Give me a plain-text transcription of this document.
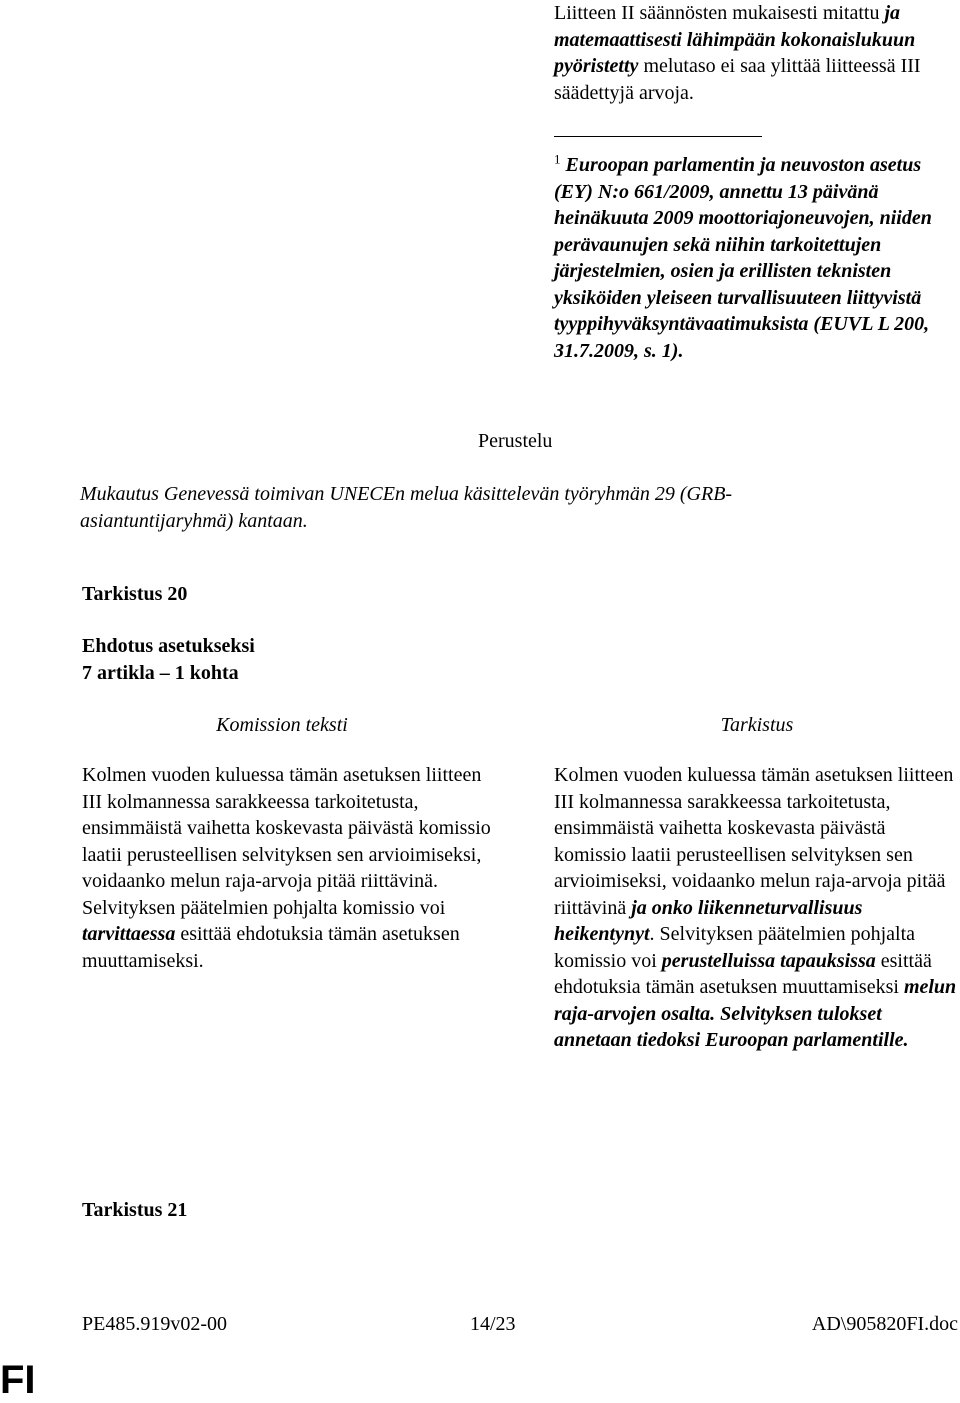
Liitteen II säännösten mukaisesti mitattu ja matemaattisesti lähimpään kokonaislukuun pyöristetty melutaso ei saa ylittää liitteessä III säädettyjä arvoja.
$^1$ Euroopan parlamentin ja neuvoston asetus (EY) N:o 661/2009, annettu 13 päivänä heinäkuuta 2009 moottoriajoneuvojen, niiden perävaunujen sekä niihin tarkoitettujen järjestelmien, osien ja erillisten teknisten yksiköiden yleiseen turvallisuuteen liittyvistä tyyppihyväksyntävaatimuksista (EUVL L 200, 31.7.2009, s. 1).
Perustelu
Mukautus Genevessä toimivan UNECEn melua käsittelevän työryhmän 29 (GRB-asiantuntijaryhmä) kantaan.
Tarkistus 20
Ehdotus asetukseksi
7 artikla – 1 kohta
Komission teksti	Tarkistus
Kolmen vuoden kuluessa tämän asetuksen liitteen III kolmannessa sarakkeessa tarkoitetusta, ensimmäistä vaihetta koskevasta päivästä komissio laatii perusteellisen selvityksen sen arvioimiseksi, voidaanko melun raja-arvoja pitää riittävinä. Selvityksen päätelmien pohjalta komissio voi tarvittaessa esittää ehdotuksia tämän asetuksen muuttamiseksi.
Kolmen vuoden kuluessa tämän asetuksen liitteen III kolmannessa sarakkeessa tarkoitetusta, ensimmäistä vaihetta koskevasta päivästä komissio laatii perusteellisen selvityksen sen arvioimiseksi, voidaanko melun raja-arvoja pitää riittävinä ja onko liikenneturvallisuus heikentynyt. Selvityksen päätelmien pohjalta komissio voi perustelluissa tapauksissa esittää ehdotuksia tämän asetuksen muuttamiseksi melun raja-arvojen osalta. Selvityksen tulokset annetaan tiedoksi Euroopan parlamentille.
Tarkistus 21
PE485.919v02-00	14/23	AD\905820FI.doc
FI
